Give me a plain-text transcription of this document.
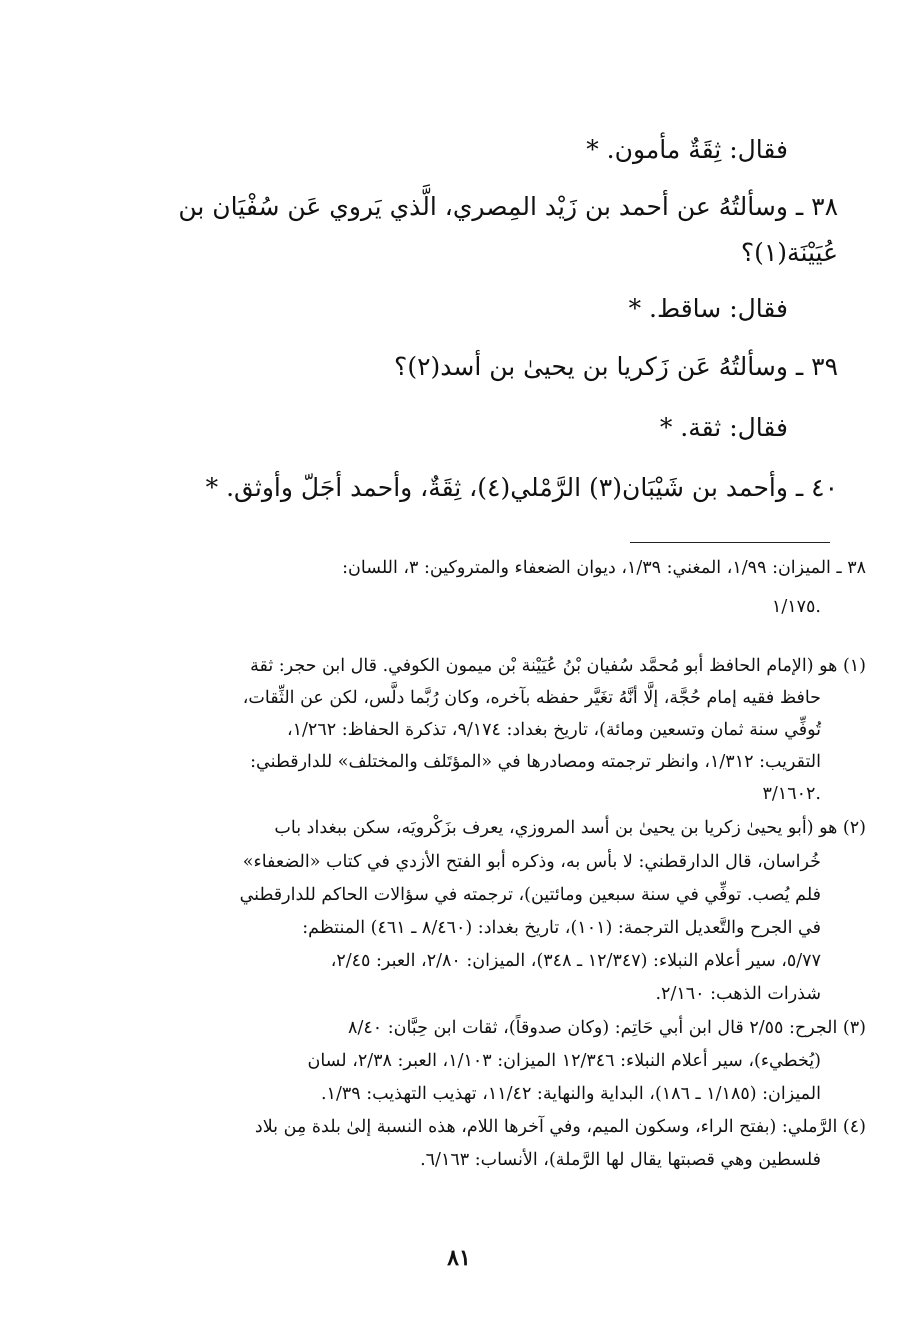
فقال: ثِقَةٌ مأمون. *
٣٨ ـ وسألتُهُ عن أحمد بن زَيْد المِصري، الَّذي يَروي عَن سُفْيَان بن
عُيَيْنَة(١)؟
فقال: ساقط. *
٣٩ ـ وسألتُهُ عَن زَكريا بن يحيىٰ بن أسد(٢)؟
فقال: ثقة. *
٤٠ ـ وأحمد بن شَيْبَان(٣) الرَّمْلي(٤)، ثِقَةٌ، وأحمد أجَلّ وأوثق. *
٣٨ ـ الميزان: ١/٩٩، المغني: ١/٣٩، ديوان الضعفاء والمتروكين: ٣، اللسان:
١/١٧٥.
(١) هو (الإمام الحافظ أبو مُحمَّد سُفيان بْنُ عُيَيْنة بْن ميمون الكوفي. قال ابن حجر: ثقة
حافظ فقيه إمام حُجَّة، إلَّا أنَّهُ تغَيَّر حفظه بآخره، وكان رُبَّما دلَّس، لكن عن الثِّقات،
تُوفِّي سنة ثمان وتسعين ومائة)، تاريخ بغداد: ٩/١٧٤، تذكرة الحفاظ: ١/٢٦٢،
التقريب: ١/٣١٢، وانظر ترجمته ومصادرها في «المؤتَلف والمختلف» للدارقطني:
٣/١٦٠٢.
(٢) هو (أبو يحيىٰ زكريا بن يحيىٰ بن أسد المروزي، يعرف بزَكْرويَه، سكن ببغداد باب
خُراسان، قال الدارقطني: لا بأس به، وذكره أبو الفتح الأزدي في كتاب «الضعفاء»
فلم يُصب. توفِّي في سنة سبعين ومائتين)، ترجمته في سؤالات الحاكم للدارقطني
في الجرح والتَّعديل الترجمة: (١٠١)، تاريخ بغداد: (٨/٤٦٠ ـ ٤٦١) المنتظم:
٥/٧٧، سير أعلام النبلاء: (١٢/٣٤٧ ـ ٣٤٨)، الميزان: ٢/٨٠، العبر: ٢/٤٥،
شذرات الذهب: ٢/١٦٠.
(٣) الجرح: ٢/٥٥ قال ابن أبي حَاتِم: (وكان صدوقاً)، ثقات ابن حِبَّان: ٨/٤٠
(يُخطيء)، سير أعلام النبلاء: ١٢/٣٤٦ الميزان: ١/١٠٣، العبر: ٢/٣٨، لسان
الميزان: (١/١٨٥ ـ ١٨٦)، البداية والنهاية: ١١/٤٢، تهذيب التهذيب: ١/٣٩.
(٤) الرَّملي: (بفتح الراء، وسكون الميم، وفي آخرها اللام، هذه النسبة إلىٰ بلدة مِن بلاد
فلسطين وهي قصبتها يقال لها الرَّملة)، الأنساب: ٦/١٦٣.
٨١
